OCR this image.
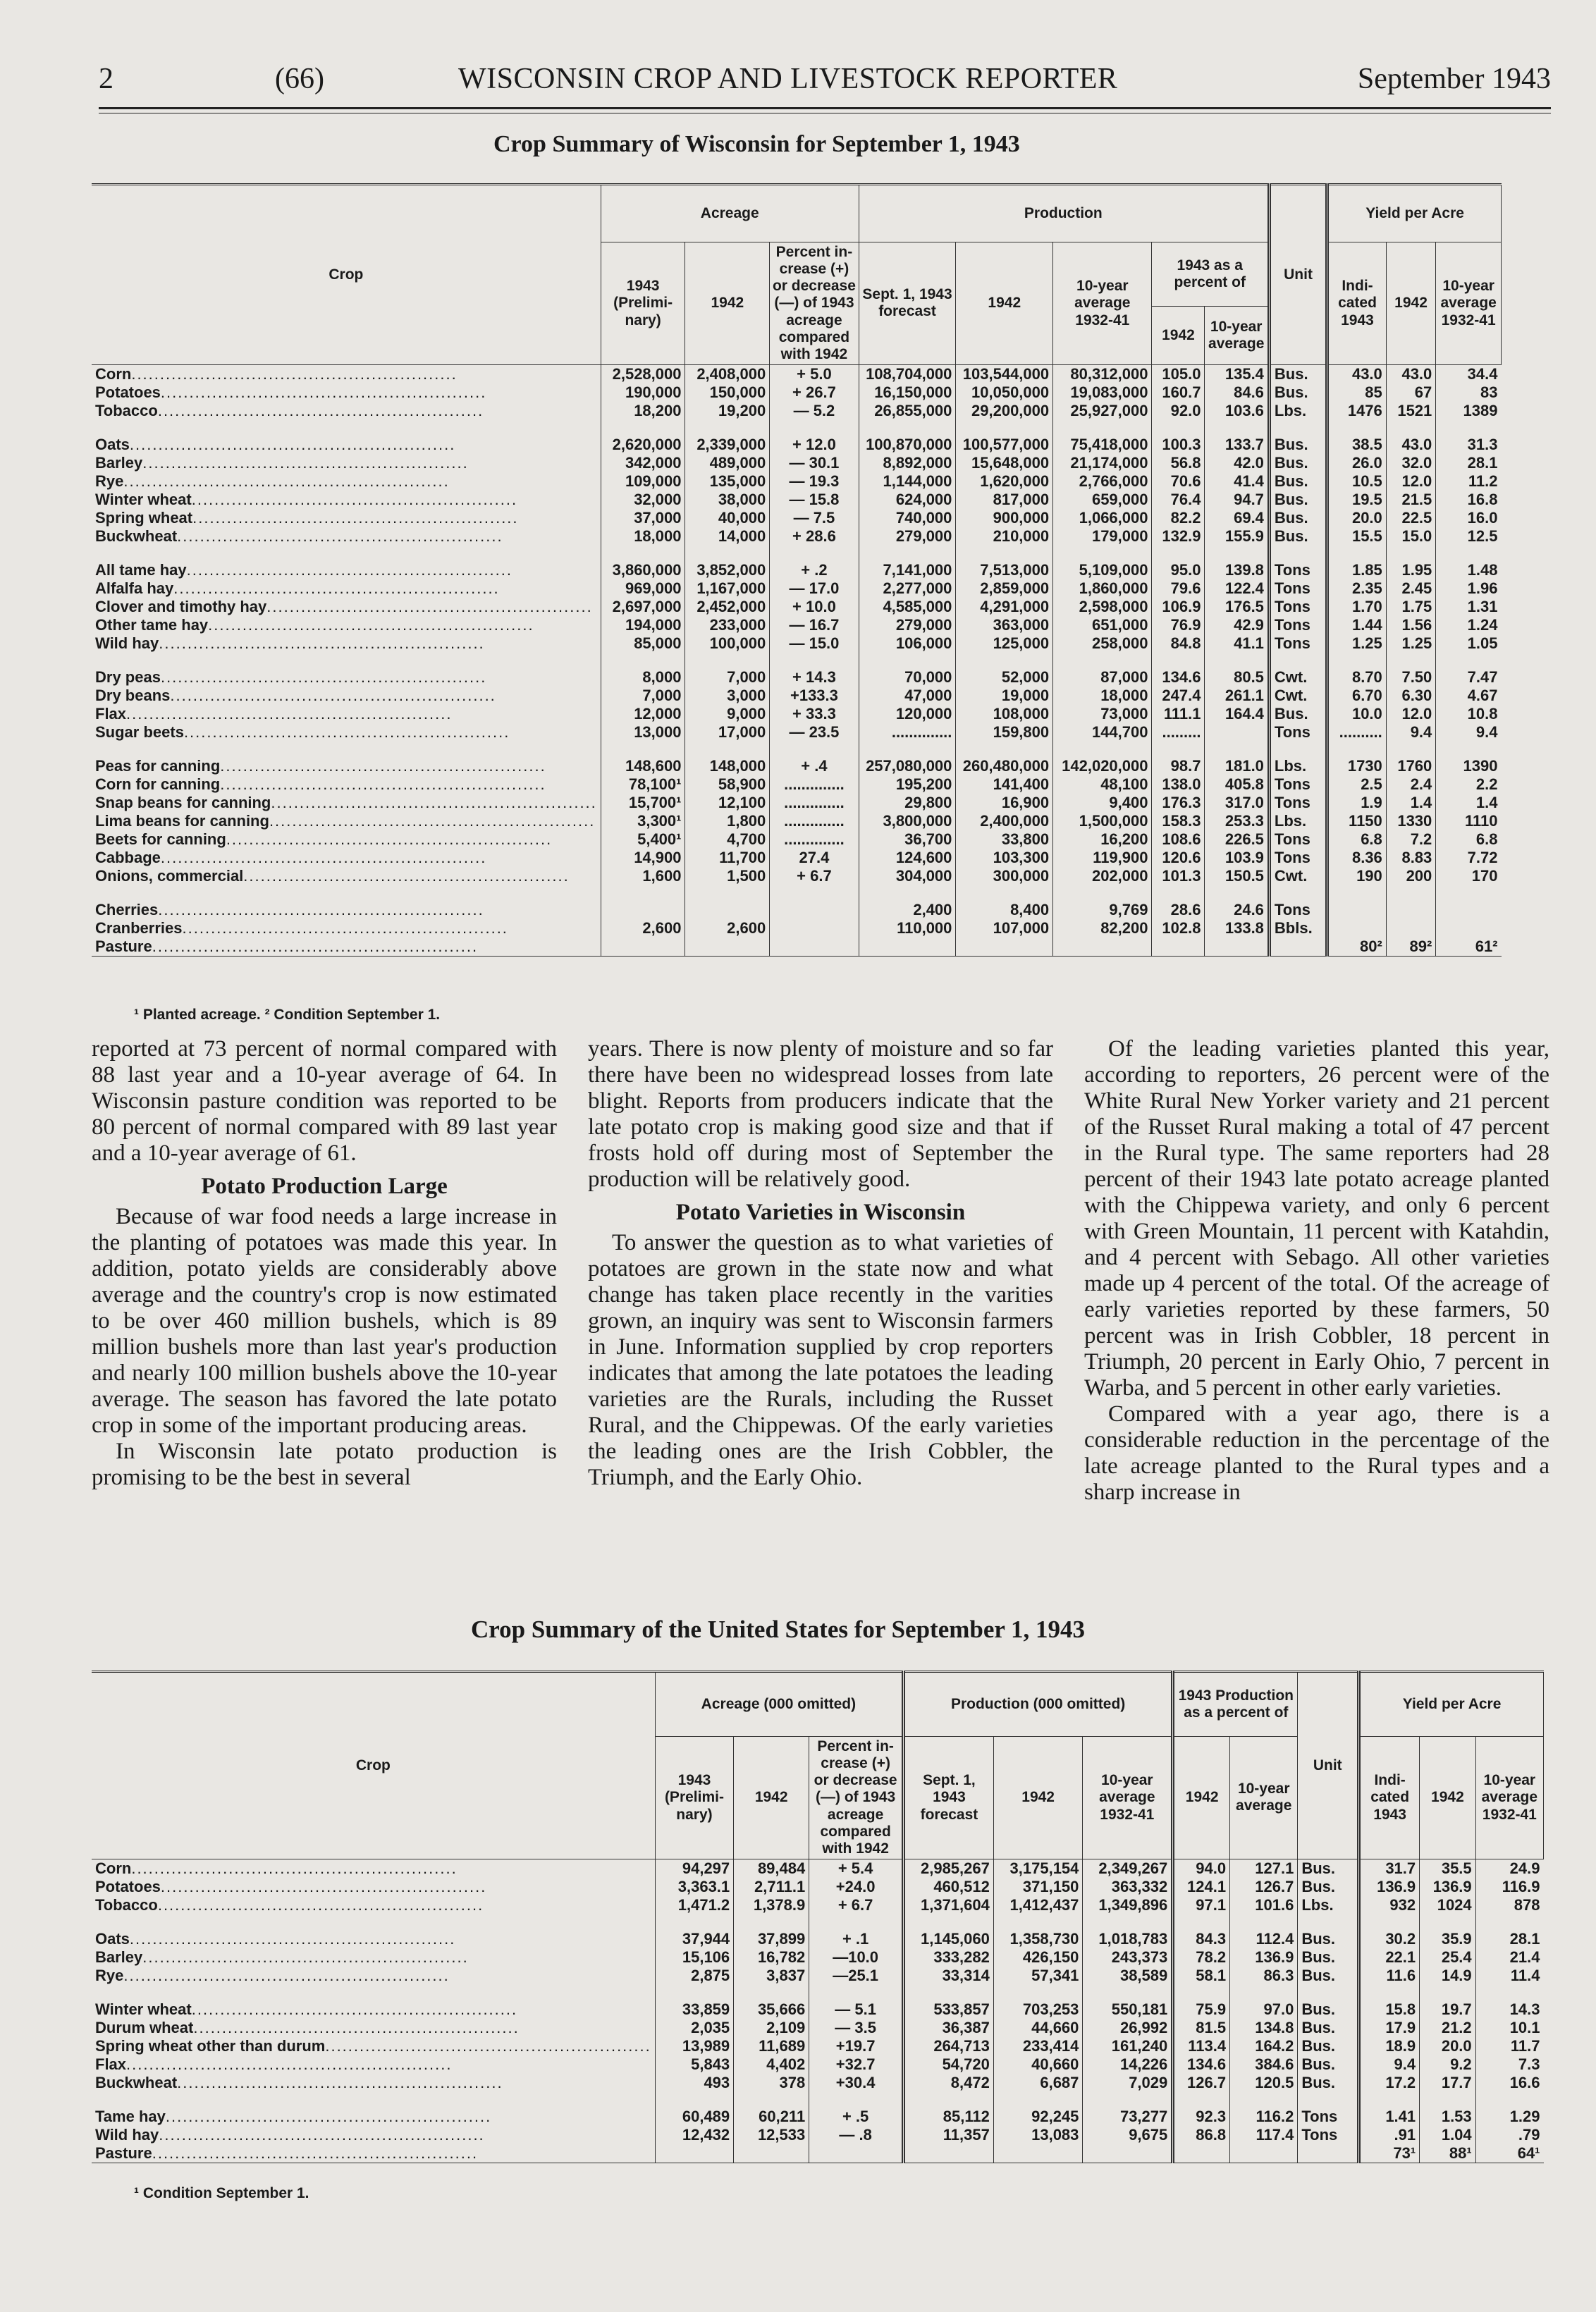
2	(66)	WISCONSIN CROP AND LIVESTOCK REPORTER	September 1943
Crop Summary of Wisconsin for September 1, 1943
Crop	Acreage			Production					Unit	Yield per Acre		
	1943 (Prelimi- nary)	1942	Percent in- crease (+) or decrease (—) of 1943 acreage compared with 1942	Sept. 1, 1943 forecast	1942	10-year average 1932-41	1943 as a percent of			Indi- cated 1943	1942	10-year average 1932-41
							1942	10-year average				
Corn.........................................................	2,528,000	2,408,000	+ 5.0	108,704,000	103,544,000	80,312,000	105.0	135.4	Bus.	43.0	43.0	34.4
Potatoes.........................................................	190,000	150,000	+ 26.7	16,150,000	10,050,000	19,083,000	160.7	84.6	Bus.	85	67	83
Tobacco.........................................................	18,200	19,200	— 5.2	26,855,000	29,200,000	25,927,000	92.0	103.6	Lbs.	1476	1521	1389

Oats.........................................................	2,620,000	2,339,000	+ 12.0	100,870,000	100,577,000	75,418,000	100.3	133.7	Bus.	38.5	43.0	31.3
Barley.........................................................	342,000	489,000	— 30.1	8,892,000	15,648,000	21,174,000	56.8	42.0	Bus.	26.0	32.0	28.1
Rye.........................................................	109,000	135,000	— 19.3	1,144,000	1,620,000	2,766,000	70.6	41.4	Bus.	10.5	12.0	11.2
Winter wheat.........................................................	32,000	38,000	— 15.8	624,000	817,000	659,000	76.4	94.7	Bus.	19.5	21.5	16.8
Spring wheat.........................................................	37,000	40,000	— 7.5	740,000	900,000	1,066,000	82.2	69.4	Bus.	20.0	22.5	16.0
Buckwheat.........................................................	18,000	14,000	+ 28.6	279,000	210,000	179,000	132.9	155.9	Bus.	15.5	15.0	12.5

All tame hay.........................................................	3,860,000	3,852,000	+ .2	7,141,000	7,513,000	5,109,000	95.0	139.8	Tons	1.85	1.95	1.48
Alfalfa hay.........................................................	969,000	1,167,000	— 17.0	2,277,000	2,859,000	1,860,000	79.6	122.4	Tons	2.35	2.45	1.96
Clover and timothy hay.........................................................	2,697,000	2,452,000	+ 10.0	4,585,000	4,291,000	2,598,000	106.9	176.5	Tons	1.70	1.75	1.31
Other tame hay.........................................................	194,000	233,000	— 16.7	279,000	363,000	651,000	76.9	42.9	Tons	1.44	1.56	1.24
Wild hay.........................................................	85,000	100,000	— 15.0	106,000	125,000	258,000	84.8	41.1	Tons	1.25	1.25	1.05

Dry peas.........................................................	8,000	7,000	+ 14.3	70,000	52,000	87,000	134.6	80.5	Cwt.	8.70	7.50	7.47
Dry beans.........................................................	7,000	3,000	+133.3	47,000	19,000	18,000	247.4	261.1	Cwt.	6.70	6.30	4.67
Flax.........................................................	12,000	9,000	+ 33.3	120,000	108,000	73,000	111.1	164.4	Bus.	10.0	12.0	10.8
Sugar beets.........................................................	13,000	17,000	— 23.5	..............	159,800	144,700	.........		Tons	..........	9.4	9.4

Peas for canning.........................................................	148,600	148,000	+ .4	257,080,000	260,480,000	142,020,000	98.7	181.0	Lbs.	1730	1760	1390
Corn for canning.........................................................	78,100¹	58,900	..............	195,200	141,400	48,100	138.0	405.8	Tons	2.5	2.4	2.2
Snap beans for canning.........................................................	15,700¹	12,100	..............	29,800	16,900	9,400	176.3	317.0	Tons	1.9	1.4	1.4
Lima beans for canning.........................................................	3,300¹	1,800	..............	3,800,000	2,400,000	1,500,000	158.3	253.3	Lbs.	1150	1330	1110
Beets for canning.........................................................	5,400¹	4,700	..............	36,700	33,800	16,200	108.6	226.5	Tons	6.8	7.2	6.8
Cabbage.........................................................	14,900	11,700	27.4	124,600	103,300	119,900	120.6	103.9	Tons	8.36	8.83	7.72
Onions, commercial.........................................................	1,600	1,500	+ 6.7	304,000	300,000	202,000	101.3	150.5	Cwt.	190	200	170

Cherries.........................................................				2,400	8,400	9,769	28.6	24.6	Tons			
Cranberries.........................................................	2,600	2,600		110,000	107,000	82,200	102.8	133.8	Bbls.			
Pasture.........................................................										80²	89²	61²
¹ Planted acreage. ² Condition September 1.

reported at 73 percent of normal compared with 88 last year and a 10-year average of 64. In Wisconsin pasture condition was reported to be 80 percent of normal compared with 89 last year and a 10-year average of 61.

Potato Production Large

Because of war food needs a large increase in the planting of potatoes was made this year. In addition, potato yields are considerably above average and the country's crop is now estimated to be over 460 million bushels, which is 89 million bushels more than last year's production and nearly 100 million bushels above the 10-year average. The season has favored the late potato crop in some of the important producing areas.

In Wisconsin late potato production is promising to be the best in several

years. There is now plenty of moisture and so far there have been no widespread losses from late blight. Reports from producers indicate that the late potato crop is making good size and that if frosts hold off during most of September the production will be relatively good.

Potato Varieties in Wisconsin

To answer the question as to what varieties of potatoes are grown in the state now and what change has taken place recently in the varities grown, an inquiry was sent to Wisconsin farmers in June. Information supplied by crop reporters indicates that among the late potatoes the leading varieties are the Rurals, including the Russet Rural, and the Chippewas. Of the early varieties the leading ones are the Irish Cobbler, the Triumph, and the Early Ohio.

Of the leading varieties planted this year, according to reporters, 26 percent were of the White Rural New Yorker variety and 21 percent of the Russet Rural making a total of 47 percent in the Rural type. The same reporters had 28 percent of their 1943 late potato acreage planted with the Chippewa variety, and only 6 percent with Green Mountain, 11 percent with Katahdin, and 4 percent with Sebago. All other varieties made up 4 percent of the total. Of the acreage of early varieties reported by these farmers, 50 percent was in Irish Cobbler, 18 percent in Triumph, 20 percent in Early Ohio, 7 percent in Warba, and 5 percent in other early varieties.

Compared with a year ago, there is a considerable reduction in the percentage of the late acreage planted to the Rural types and a sharp increase in

Crop Summary of the United States for September 1, 1943
Crop	Acreage (000 omitted)			Production (000 omitted)			1943 Production as a percent of		Unit	Yield per Acre		
	1943 (Prelimi- nary)	1942	Percent in- crease (+) or decrease (—) of 1943 acreage compared with 1942	Sept. 1, 1943 forecast	1942	10-year average 1932-41				Indi- cated 1943	1942	10-year average 1932-41
							1942	10-year average				
Corn.........................................................	94,297	89,484	+ 5.4	2,985,267	3,175,154	2,349,267	94.0	127.1	Bus.	31.7	35.5	24.9
Potatoes.........................................................	3,363.1	2,711.1	+24.0	460,512	371,150	363,332	124.1	126.7	Bus.	136.9	136.9	116.9
Tobacco.........................................................	1,471.2	1,378.9	+ 6.7	1,371,604	1,412,437	1,349,896	97.1	101.6	Lbs.	932	1024	878

Oats.........................................................	37,944	37,899	+ .1	1,145,060	1,358,730	1,018,783	84.3	112.4	Bus.	30.2	35.9	28.1
Barley.........................................................	15,106	16,782	—10.0	333,282	426,150	243,373	78.2	136.9	Bus.	22.1	25.4	21.4
Rye.........................................................	2,875	3,837	—25.1	33,314	57,341	38,589	58.1	86.3	Bus.	11.6	14.9	11.4

Winter wheat.........................................................	33,859	35,666	— 5.1	533,857	703,253	550,181	75.9	97.0	Bus.	15.8	19.7	14.3
Durum wheat.........................................................	2,035	2,109	— 3.5	36,387	44,660	26,992	81.5	134.8	Bus.	17.9	21.2	10.1
Spring wheat other than durum.........................................................	13,989	11,689	+19.7	264,713	233,414	161,240	113.4	164.2	Bus.	18.9	20.0	11.7
Flax.........................................................	5,843	4,402	+32.7	54,720	40,660	14,226	134.6	384.6	Bus.	9.4	9.2	7.3
Buckwheat.........................................................	493	378	+30.4	8,472	6,687	7,029	126.7	120.5	Bus.	17.2	17.7	16.6

Tame hay.........................................................	60,489	60,211	+ .5	85,112	92,245	73,277	92.3	116.2	Tons	1.41	1.53	1.29
Wild hay.........................................................	12,432	12,533	— .8	11,357	13,083	9,675	86.8	117.4	Tons	.91	1.04	.79
Pasture.........................................................										73¹	88¹	64¹
¹ Condition September 1.
